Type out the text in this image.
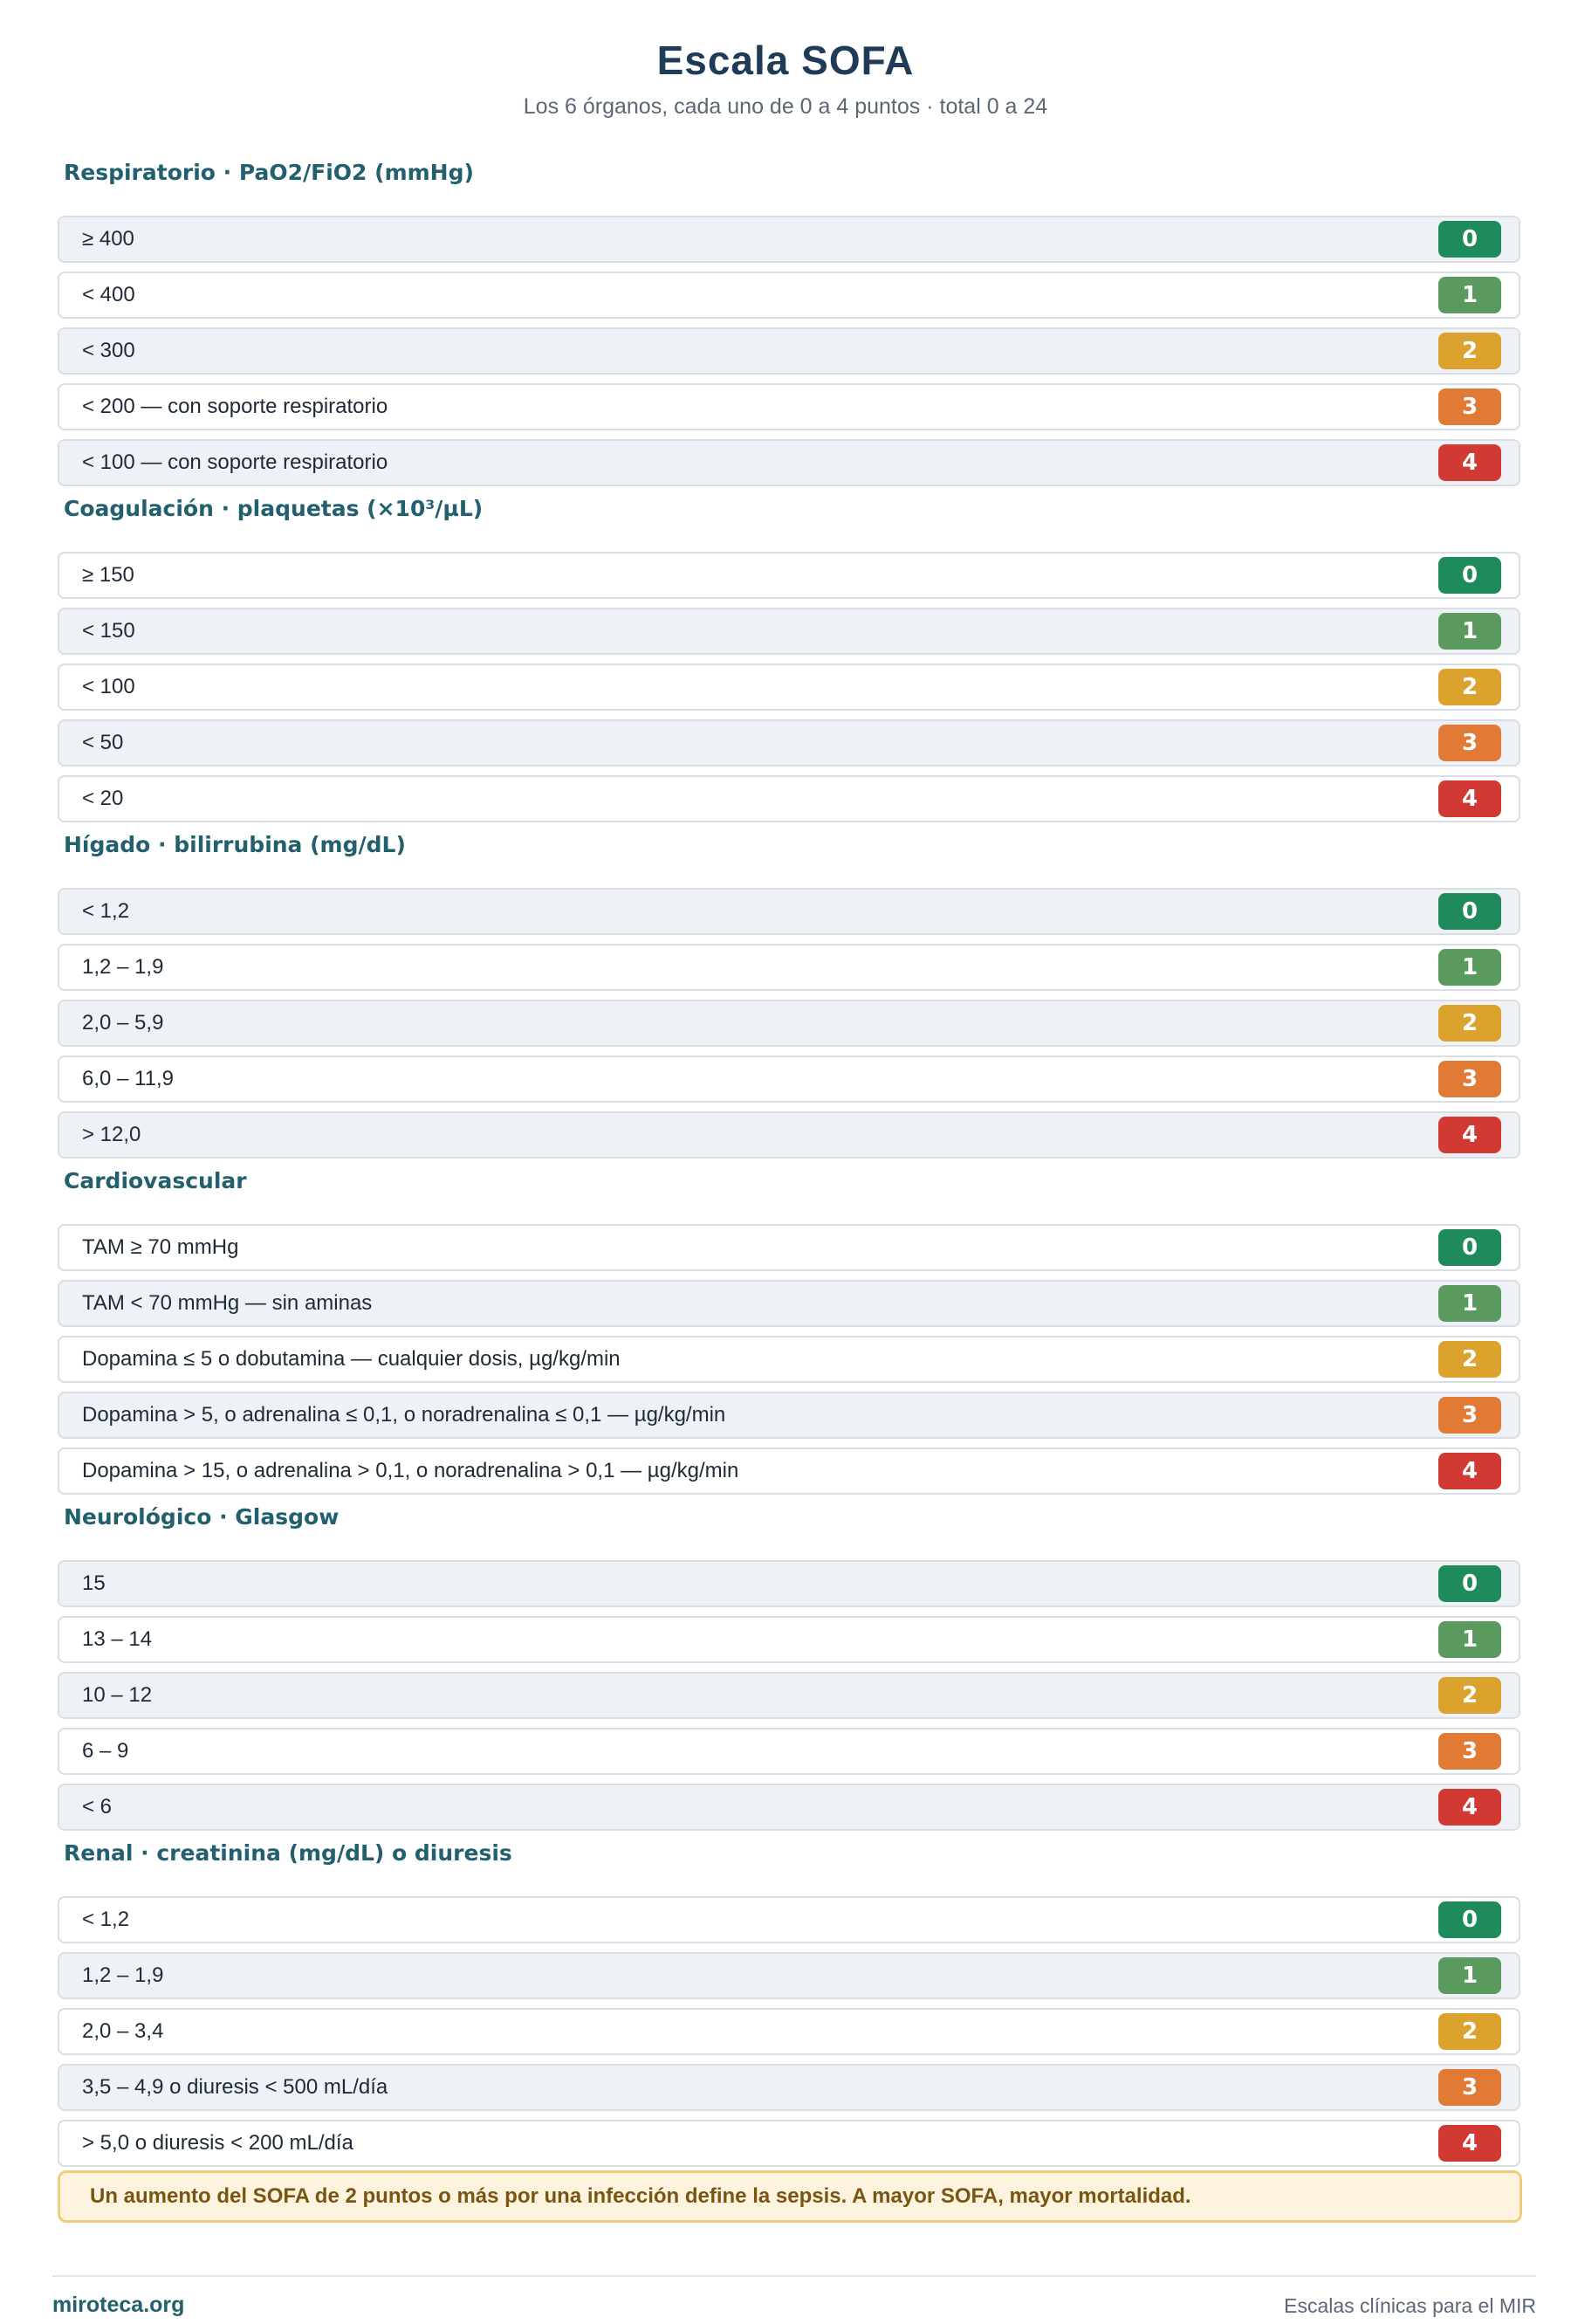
Escala SOFA
Los 6 órganos, cada uno de 0 a 4 puntos · total 0 a 24
Respiratorio · PaO2/FiO2 (mmHg)
≥ 400	0
< 400	1
< 300	2
< 200 — con soporte respiratorio	3
< 100 — con soporte respiratorio	4
Coagulación · plaquetas (×10³/µL)
≥ 150	0
< 150	1
< 100	2
< 50	3
< 20	4
Hígado · bilirrubina (mg/dL)
< 1,2	0
1,2 – 1,9	1
2,0 – 5,9	2
6,0 – 11,9	3
> 12,0	4
Cardiovascular
TAM ≥ 70 mmHg	0
TAM < 70 mmHg — sin aminas	1
Dopamina ≤ 5 o dobutamina — cualquier dosis, µg/kg/min	2
Dopamina > 5, o adrenalina ≤ 0,1, o noradrenalina ≤ 0,1 — µg/kg/min	3
Dopamina > 15, o adrenalina > 0,1, o noradrenalina > 0,1 — µg/kg/min	4
Neurológico · Glasgow
15	0
13 – 14	1
10 – 12	2
6 – 9	3
< 6	4
Renal · creatinina (mg/dL) o diuresis
< 1,2	0
1,2 – 1,9	1
2,0 – 3,4	2
3,5 – 4,9 o diuresis < 500 mL/día	3
> 5,0 o diuresis < 200 mL/día	4
Un aumento del SOFA de 2 puntos o más por una infección define la sepsis. A mayor SOFA, mayor mortalidad.
miroteca.org	Escalas clínicas para el MIR
